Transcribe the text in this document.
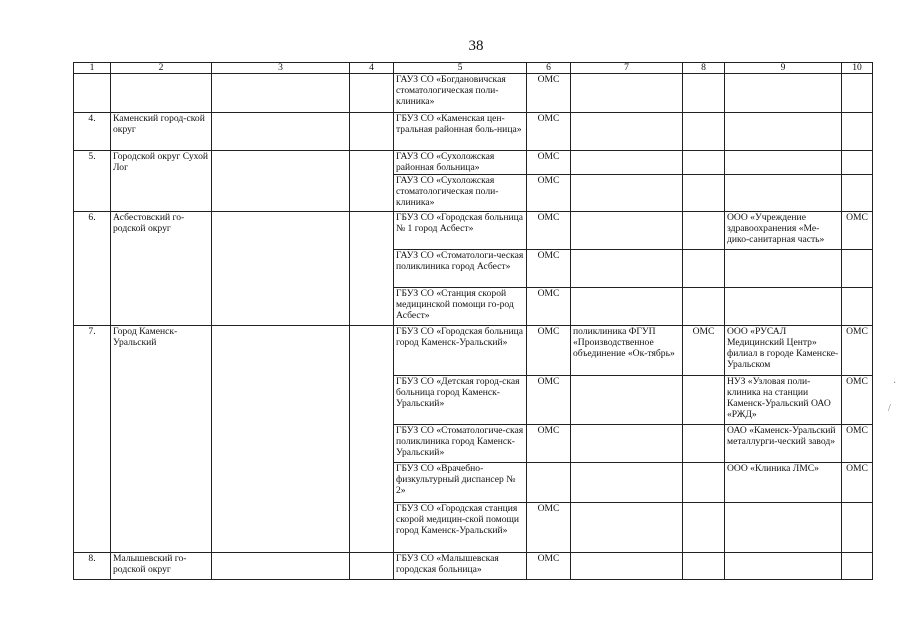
38
1	2	3	4	5	6	7	8	9	10
				ГАУЗ СО «Богдановичская стоматологическая поли-клиника»	ОМС				
4.	Каменский город-ской округ			ГБУЗ СО «Каменская цен-тральная районная боль-ница»	ОМС				
5.	Городской округ Сухой Лог			ГАУЗ СО «Сухоложская районная больница»	ОМС				
				ГАУЗ СО «Сухоложская стоматологическая поли-клиника»	ОМС				
6.	Асбестовский го-родской округ			ГБУЗ СО «Городская больница № 1 город Асбест»	ОМС			ООО «Учреждение здравоохранения «Ме-дико-санитарная часть»	ОМС
				ГАУЗ СО «Стоматологи-ческая поликлиника город Асбест»	ОМС				
				ГБУЗ СО «Станция скорой медицинской помощи го-род Асбест»	ОМС				
7.	Город Каменск-Уральский			ГБУЗ СО «Городская больница город Каменск-Уральский»	ОМС	поликлиника ФГУП «Производственное объединение «Ок-тябрь»	ОМС	ООО «РУСАЛ Медицинский Центр» филиал в городе Каменске-Уральском	ОМС
				ГБУЗ СО «Детская город-ская больница город Каменск-Уральский»	ОМС			НУЗ «Узловая поли-клиника на станции Каменск-Уральский ОАО «РЖД»	ОМС
				ГБУЗ СО «Стоматологиче-ская поликлиника город Каменск-Уральский»	ОМС			ОАО «Каменск-Уральский металлурги-ческий завод»	ОМС
				ГБУЗ СО «Врачебно-физкультурный диспансер № 2»				ООО «Клиника ЛМС»	ОМС
				ГБУЗ СО «Городская станция скорой медицин-ской помощи город Каменск-Уральский»	ОМС				
8.	Малышевский го-родской округ			ГБУЗ СО «Малышевская городская больница»	ОМС				
·
/
